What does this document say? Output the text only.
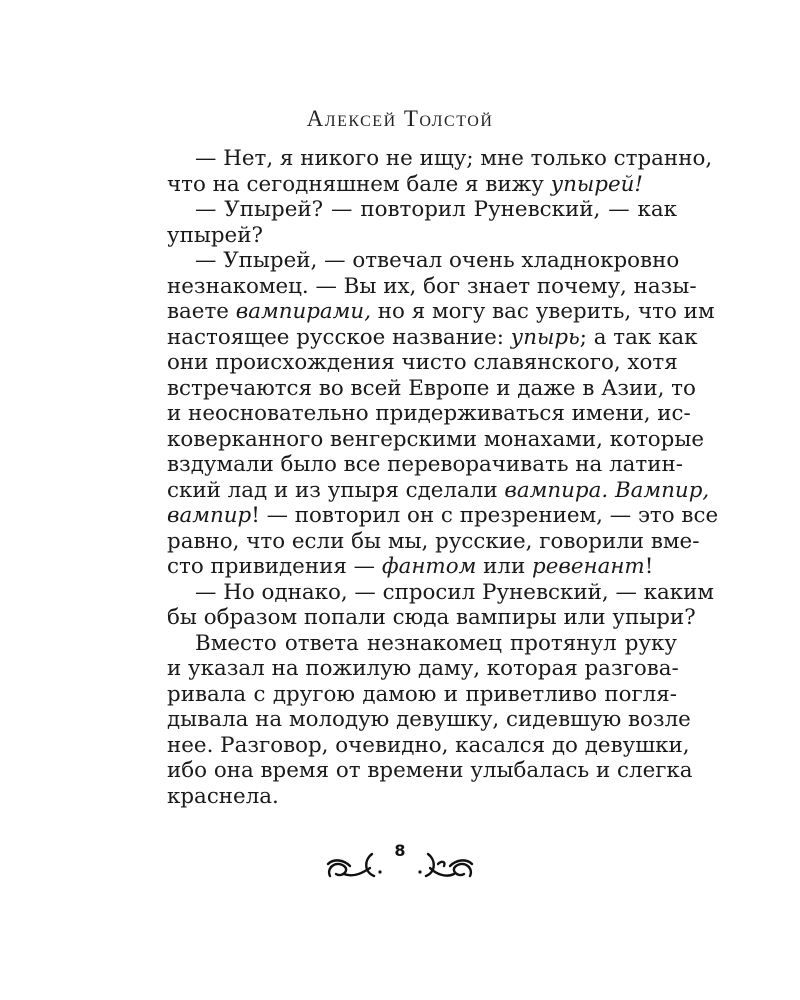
Алексей Толстой
— Нет, я никого не ищу; мне только странно,
что на сегодняшнем бале я вижу упырей!
— Упырей? — повторил Руневский, — как
упырей?
— Упырей, — отвечал очень хладнокровно
незнакомец. — Вы их, бог знает почему, назы-
ваете вампирами, но я могу вас уверить, что им
настоящее русское название: упырь; а так как
они происхождения чисто славянского, хотя
встречаются во всей Европе и даже в Азии, то
и неосновательно придерживаться имени, ис-
коверканного венгерскими монахами, которые
вздумали было все переворачивать на латин-
ский лад и из упыря сделали вампира. Вампир,
вампир! — повторил он с презрением, — это все
равно, что если бы мы, русские, говорили вме-
сто привидения — фантом или ревенант!
— Но однако, — спросил Руневский, — каким
бы образом попали сюда вампиры или упыри?
Вместо ответа незнакомец протянул руку
и указал на пожилую даму, которая разгова-
ривала с другою дамою и приветливо погля-
дывала на молодую девушку, сидевшую возле
нее. Разговор, очевидно, касался до девушки,
ибо она время от времени улыбалась и слегка
краснела.
8
